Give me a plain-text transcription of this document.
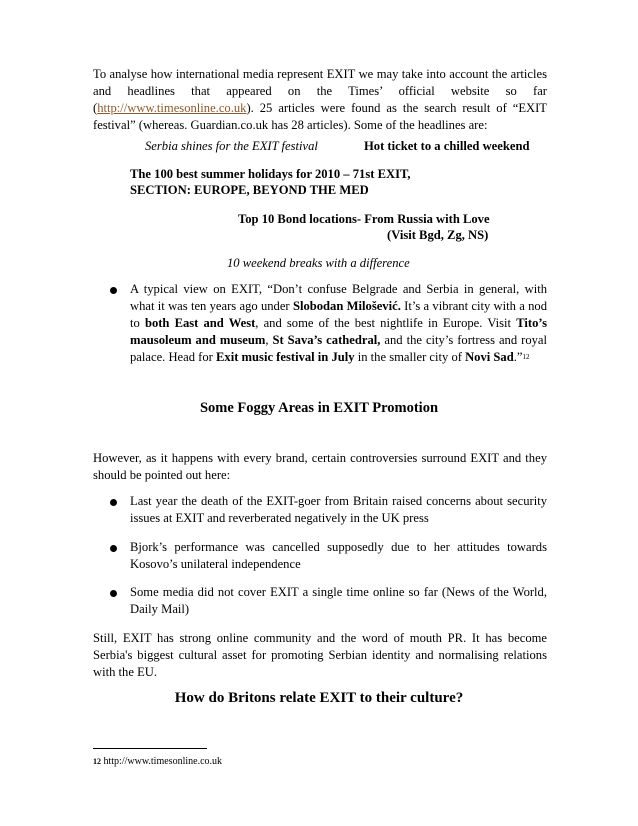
To analyse how international media represent EXIT we may take into account the articles and headlines that appeared on the Times’ official website so far (http://www.timesonline.co.uk). 25 articles were found as the search result of “EXIT festival” (whereas. Guardian.co.uk has 28 articles). Some of the headlines are:
Serbia shines for the EXIT festival	Hot ticket to a chilled weekend
The 100 best summer holidays for 2010 – 71st EXIT,
SECTION: EUROPE, BEYOND THE MED
Top 10 Bond locations- From Russia with Love
(Visit Bgd, Zg, NS)
10 weekend breaks with a difference
A typical view on EXIT, “Don’t confuse Belgrade and Serbia in general, with what it was ten years ago under Slobodan Milošević. It’s a vibrant city with a nod to both East and West, and some of the best nightlife in Europe. Visit Tito’s mausoleum and museum, St Sava’s cathedral, and the city’s fortress and royal palace. Head for Exit music festival in July in the smaller city of Novi Sad.”$^{12}$
Some Foggy Areas in EXIT Promotion
However, as it happens with every brand, certain controversies surround EXIT and they should be pointed out here:
Last year the death of the EXIT-goer from Britain raised concerns about security issues at EXIT and reverberated negatively in the UK press
Bjork’s performance was cancelled supposedly due to her attitudes towards Kosovo’s unilateral independence
Some media did not cover EXIT a single time online so far (News of the World, Daily Mail)
Still, EXIT has strong online community and the word of mouth PR. It has become Serbia's biggest cultural asset for promoting Serbian identity and normalising relations with the EU.
How do Britons relate EXIT to their culture?
$^{12}$ http://www.timesonline.co.uk
